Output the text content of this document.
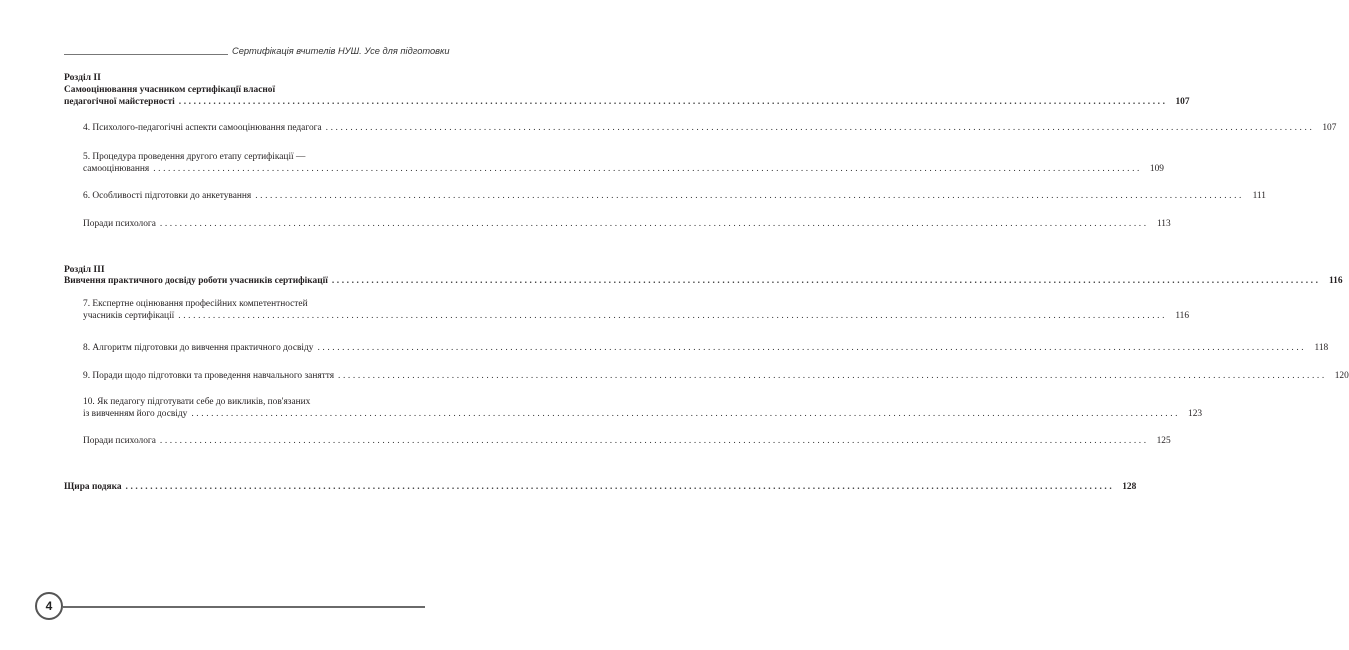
Сертифікація вчителів НУШ. Усе для підготовки
Розділ II
Самооцінювання учасником сертифікації власної
педагогічної майстерності ........................................................................................................................................................................................................ 107
4. Психолого-педагогічні аспекти самооцінювання педагога ........................................................................................................................................................................................................ 107
5. Процедура проведення другого етапу сертифікації —
самооцінювання ........................................................................................................................................................................................................ 109
6. Особливості підготовки до анкетування ........................................................................................................................................................................................................ 111
Поради психолога ........................................................................................................................................................................................................ 113
Розділ III
Вивчення практичного досвіду роботи учасників сертифікації ........................................................................................................................................................................................................ 116
7. Експертне оцінювання професійних компетентностей
учасників сертифікації ........................................................................................................................................................................................................ 116
8. Алгоритм підготовки до вивчення практичного досвіду ........................................................................................................................................................................................................ 118
9. Поради щодо підготовки та проведення навчального заняття ........................................................................................................................................................................................................ 120
10. Як педагогу підготувати себе до викликів, пов'язаних
із вивченням його досвіду ........................................................................................................................................................................................................ 123
Поради психолога ........................................................................................................................................................................................................ 125
Щира подяка ........................................................................................................................................................................................................ 128
4
